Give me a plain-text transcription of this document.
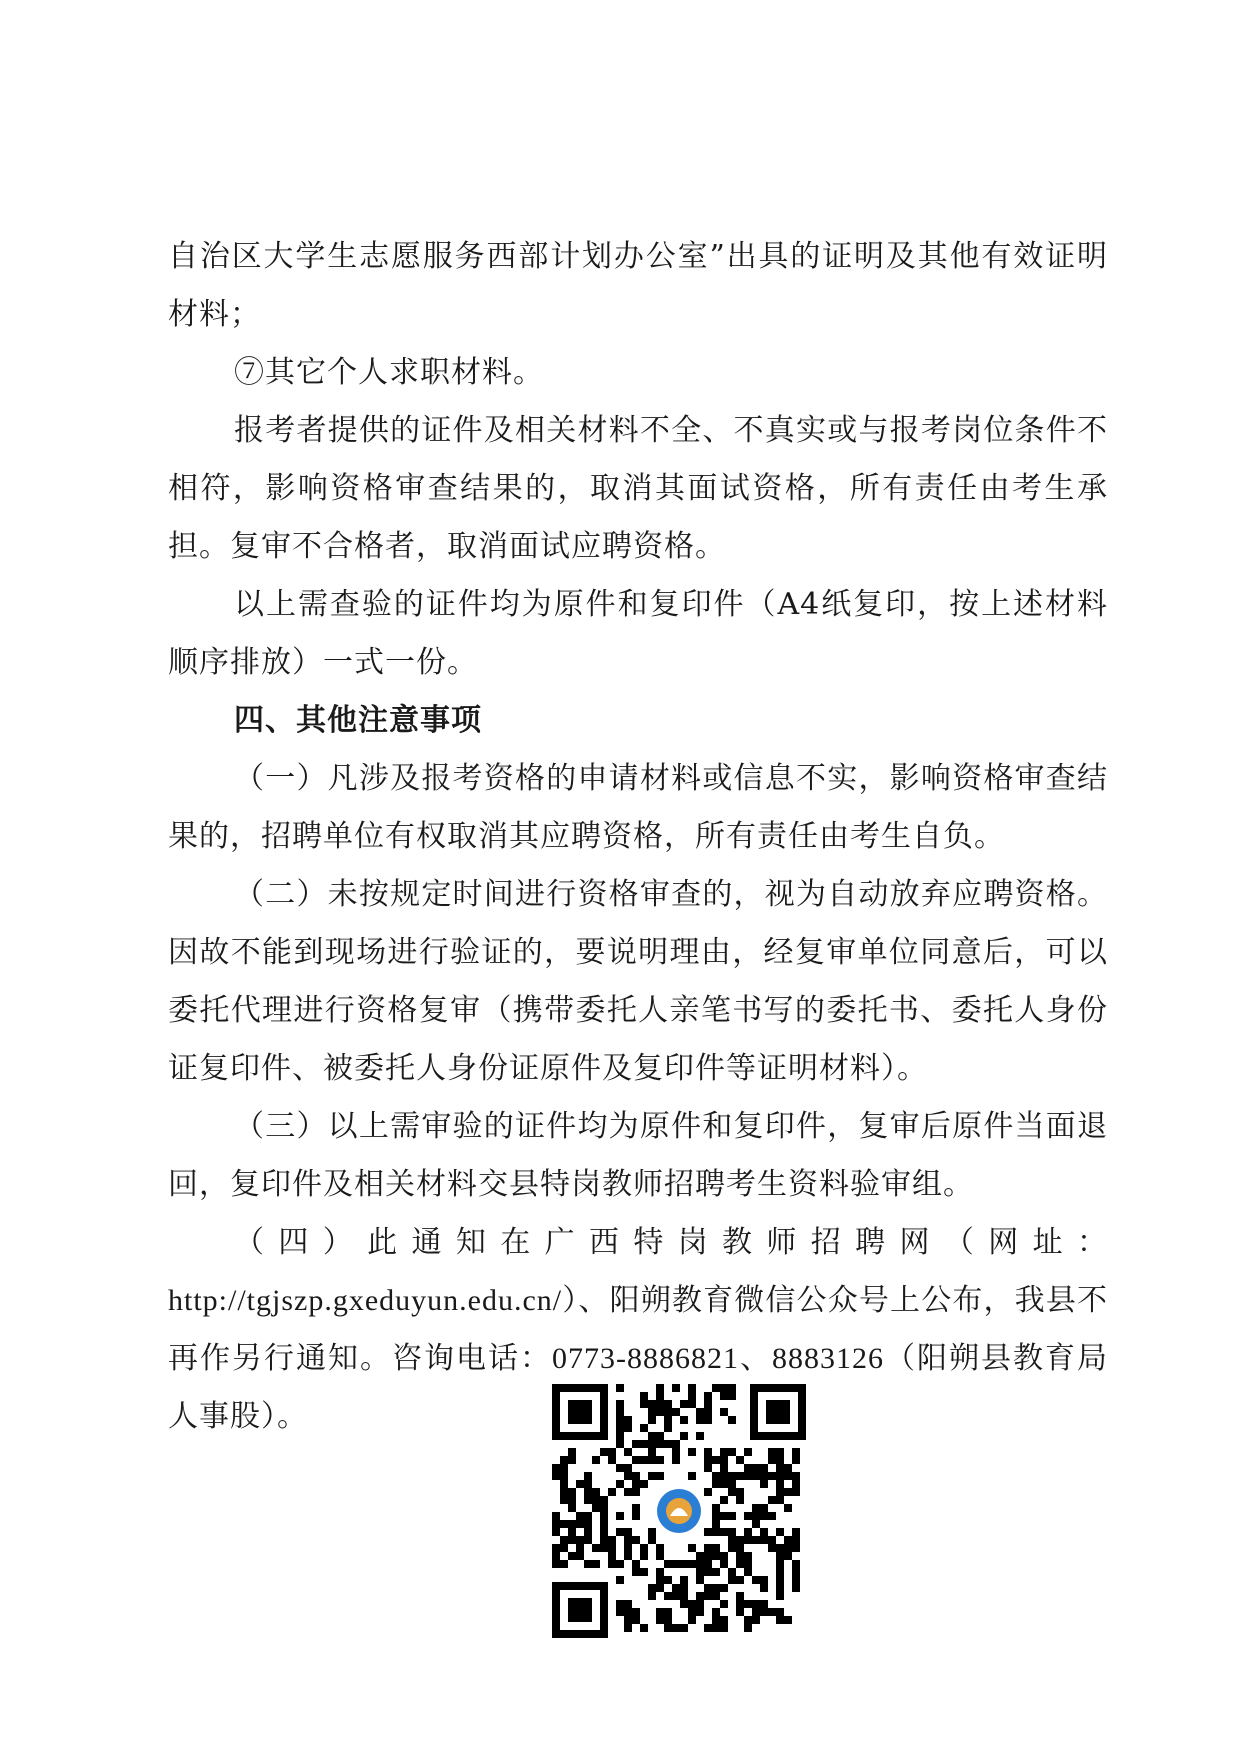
自治区大学生志愿服务西部计划办公室”出具的证明及其他有效证明材料；

⑦其它个人求职材料。

报考者提供的证件及相关材料不全、不真实或与报考岗位条件不相符，影响资格审查结果的，取消其面试资格，所有责任由考生承担。复审不合格者，取消面试应聘资格。

以上需查验的证件均为原件和复印件（A4纸复印，按上述材料顺序排放）一式一份。

四、其他注意事项

（一）凡涉及报考资格的申请材料或信息不实，影响资格审查结果的，招聘单位有权取消其应聘资格，所有责任由考生自负。

（二）未按规定时间进行资格审查的，视为自动放弃应聘资格。因故不能到现场进行验证的，要说明理由，经复审单位同意后，可以委托代理进行资格复审（携带委托人亲笔书写的委托书、委托人身份证复印件、被委托人身份证原件及复印件等证明材料）。

（三）以上需审验的证件均为原件和复印件，复审后原件当面退回，复印件及相关材料交县特岗教师招聘考生资料验审组。

（四）此通知在广西特岗教师招聘网（网址：http://tgjszp.gxeduyun.edu.cn/）、阳朔教育微信公众号上公布，我县不再作另行通知。咨询电话：0773-8886821、8883126（阳朔县教育局人事股）。
